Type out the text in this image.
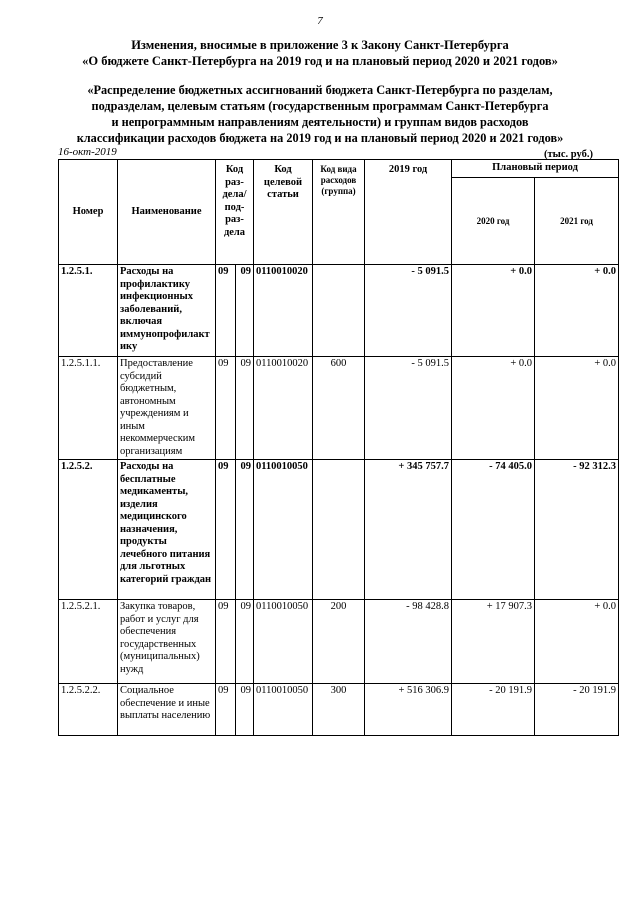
7
Изменения, вносимые в приложение 3 к Закону Санкт-Петербурга
«О бюджете Санкт-Петербурга на 2019 год и на плановый период 2020 и 2021 годов»
«Распределение бюджетных ассигнований бюджета Санкт-Петербурга по разделам,
подразделам, целевым статьям (государственным программам Санкт-Петербурга
и непрограммным направлениям деятельности) и группам видов расходов
классификации расходов бюджета на 2019 год и на плановый период 2020 и 2021 годов»
16-окт-2019	(тыс. руб.)
Номер	Наименование	Код раз-дела/ под-раз-дела		Код целевой статьи	Код вида расходов (группа)	2019 год	Плановый период	
							2020 год	2021 год
1.2.5.1.	Расходы на профилактику инфекционных заболеваний, включая иммунопрофилакт ику	09	09	0110010020		- 5 091.5	+ 0.0	+ 0.0
1.2.5.1.1.	Предоставление субсидий бюджетным, автономным учреждениям и иным некоммерческим организациям	09	09	0110010020	600	- 5 091.5	+ 0.0	+ 0.0
1.2.5.2.	Расходы на бесплатные медикаменты, изделия медицинского назначения, продукты лечебного питания для льготных категорий граждан	09	09	0110010050		+ 345 757.7	- 74 405.0	- 92 312.3
1.2.5.2.1.	Закупка товаров, работ и услуг для обеспечения государственных (муниципальных) нужд	09	09	0110010050	200	- 98 428.8	+ 17 907.3	+ 0.0
1.2.5.2.2.	Социальное обеспечение и иные выплаты населению	09	09	0110010050	300	+ 516 306.9	- 20 191.9	- 20 191.9
